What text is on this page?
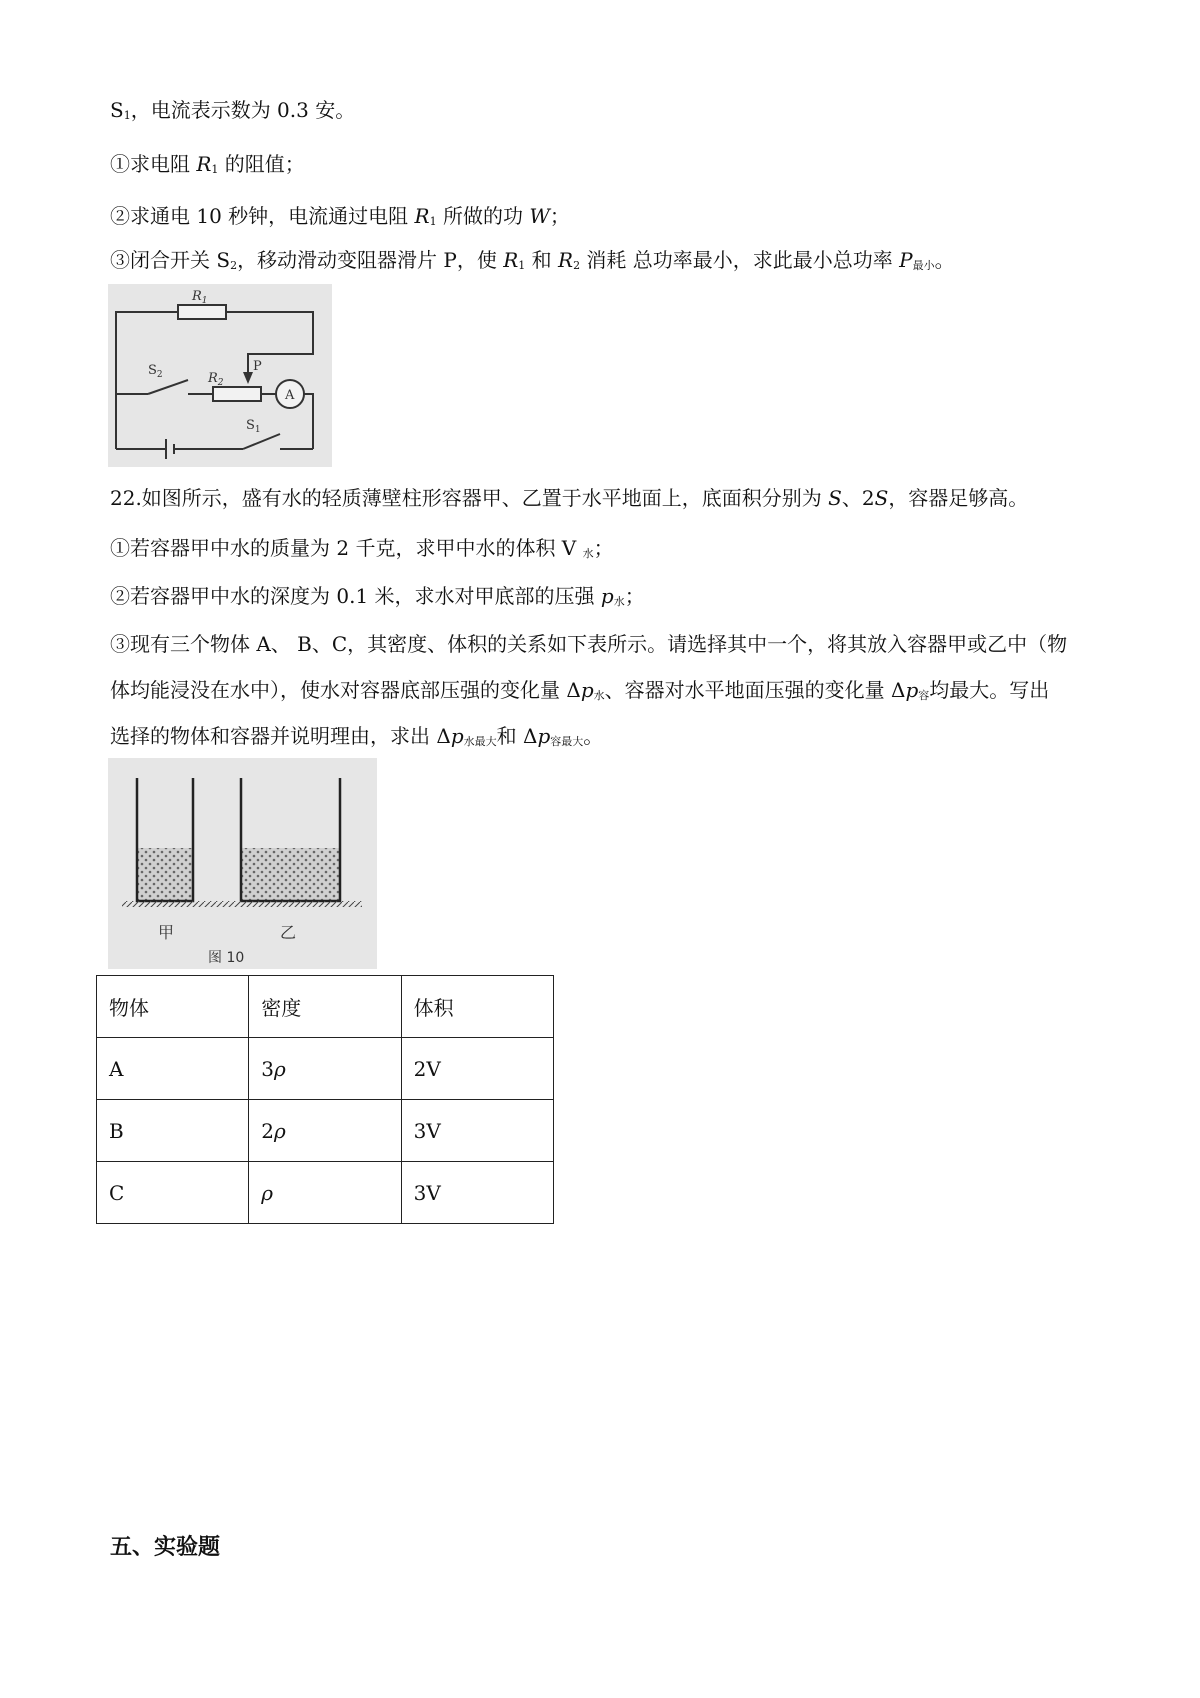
$S_1$，电流表示数为 0.3 安。
①求电阻 $R_1$ 的阻值；
②求通电 10 秒钟，电流通过电阻 $R_1$ 所做的功 W；
③闭合开关 $S_2$，移动滑动变阻器滑片 P，使 $R_1$ 和 $R_2$ 消耗 总功率最小，求此最小总功率 $P_{最小}$。
$R_1$
$R_2$
P
$S_2$
$S_1$
A
22.如图所示，盛有水的轻质薄壁柱形容器甲、乙置于水平地面上，底面积分别为 S、2S，容器足够高。
①若容器甲中水的质量为 2 千克，求甲中水的体积 V $_水$；
②若容器甲中水的深度为 0.1 米，求水对甲底部的压强 $p_水$；
③现有三个物体 A、 B、C，其密度、体积的关系如下表所示。请选择其中一个，将其放入容器甲或乙中（物
体均能浸没在水中），使水对容器底部压强的变化量 $\Delta p_水$、容器对水平地面压强的变化量 $\Delta p_容$均最大。写出
选择的物体和容器并说明理由，求出 $\Delta p_{水最大}$和 $\Delta p_{容最大}$。
甲	乙
图 10
物体	密度	体积
A	3ρ	2V
B	2ρ	3V
C	ρ	3V
五、实验题
